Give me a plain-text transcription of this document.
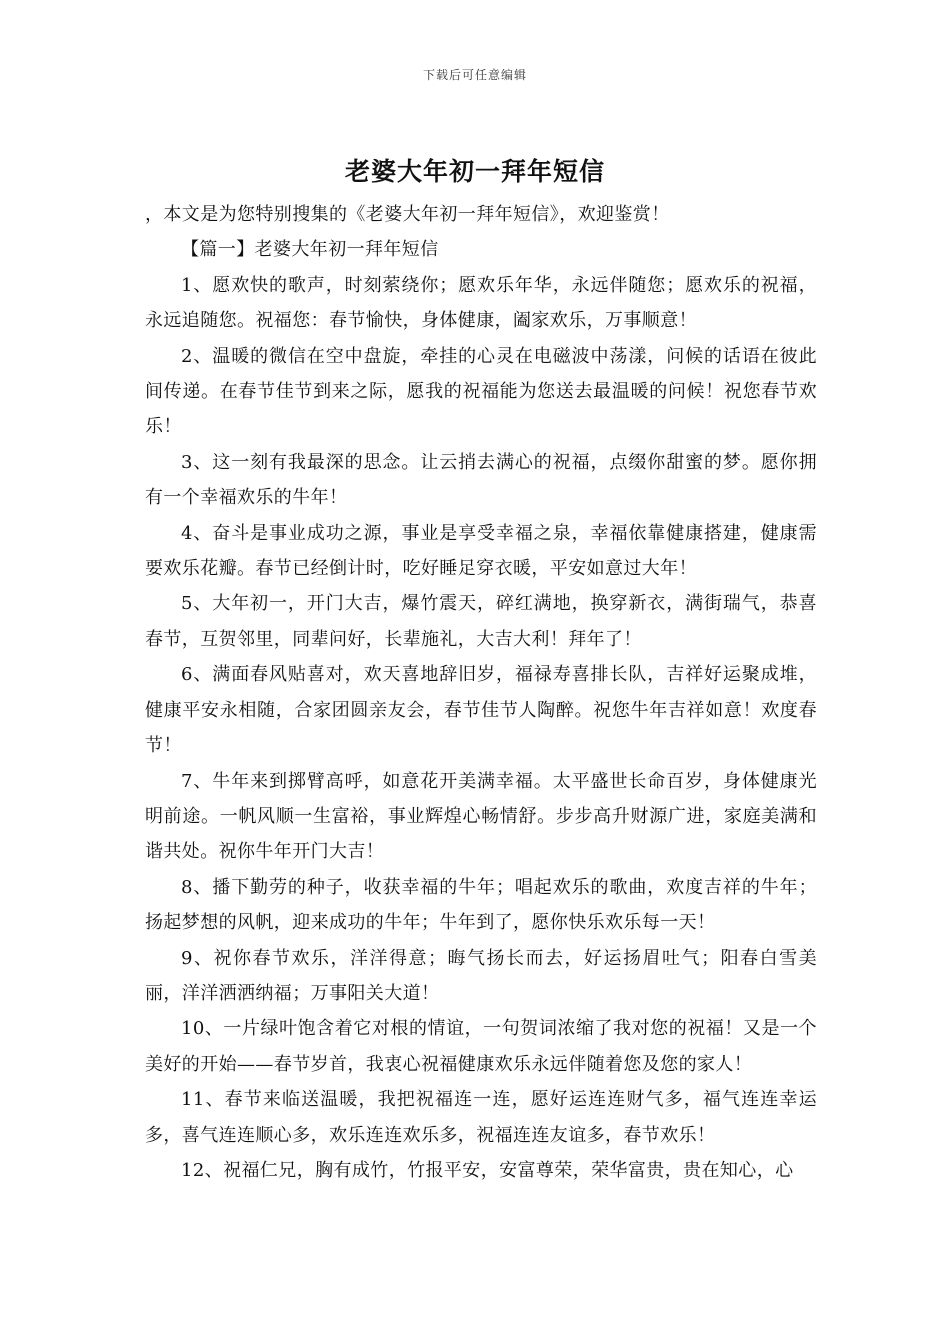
下载后可任意编辑
老婆大年初一拜年短信

，本文是为您特别搜集的《老婆大年初一拜年短信》，欢迎鉴赏！

【篇一】老婆大年初一拜年短信

1、愿欢快的歌声，时刻萦绕你；愿欢乐年华，永远伴随您；愿欢乐的祝福，永远追随您。祝福您：春节愉快，身体健康，阖家欢乐，万事顺意！

2、温暖的微信在空中盘旋，牵挂的心灵在电磁波中荡漾，问候的话语在彼此间传递。在春节佳节到来之际，愿我的祝福能为您送去最温暖的问候！祝您春节欢乐！

3、这一刻有我最深的思念。让云捎去满心的祝福，点缀你甜蜜的梦。愿你拥有一个幸福欢乐的牛年！

4、奋斗是事业成功之源，事业是享受幸福之泉，幸福依靠健康搭建，健康需要欢乐花瓣。春节已经倒计时，吃好睡足穿衣暖，平安如意过大年！

5、大年初一，开门大吉，爆竹震天，碎红满地，换穿新衣，满街瑞气，恭喜春节，互贺邻里，同辈问好，长辈施礼，大吉大利！拜年了！

6、满面春风贴喜对，欢天喜地辞旧岁，福禄寿喜排长队，吉祥好运聚成堆，健康平安永相随，合家团圆亲友会，春节佳节人陶醉。祝您牛年吉祥如意！欢度春节！

7、牛年来到掷臂高呼，如意花开美满幸福。太平盛世长命百岁，身体健康光明前途。一帆风顺一生富裕，事业辉煌心畅情舒。步步高升财源广进，家庭美满和谐共处。祝你牛年开门大吉！

8、播下勤劳的种子，收获幸福的牛年；唱起欢乐的歌曲，欢度吉祥的牛年；扬起梦想的风帆，迎来成功的牛年；牛年到了，愿你快乐欢乐每一天！

9、祝你春节欢乐，洋洋得意；晦气扬长而去，好运扬眉吐气；阳春白雪美丽，洋洋洒洒纳福；万事阳关大道！

10、一片绿叶饱含着它对根的情谊，一句贺词浓缩了我对您的祝福！又是一个美好的开始——春节岁首，我衷心祝福健康欢乐永远伴随着您及您的家人！

11、春节来临送温暖，我把祝福连一连，愿好运连连财气多，福气连连幸运多，喜气连连顺心多，欢乐连连欢乐多，祝福连连友谊多，春节欢乐！

12、祝福仁兄，胸有成竹，竹报平安，安富尊荣，荣华富贵，贵在知心，心
